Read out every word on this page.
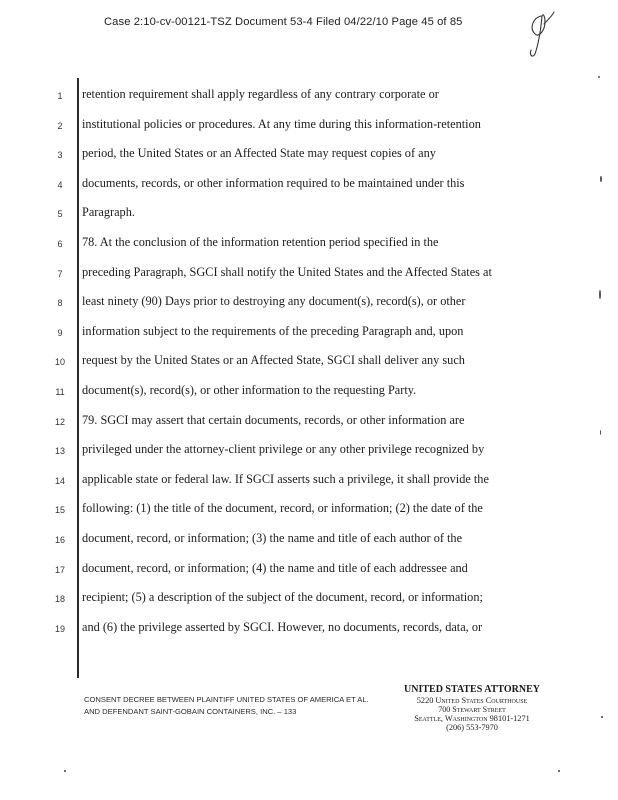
Case 2:10-cv-00121-TSZ Document 53-4 Filed 04/22/10 Page 45 of 85
1	retention requirement shall apply regardless of any contrary corporate or
2	institutional policies or procedures. At any time during this information-retention
3	period, the United States or an Affected State may request copies of any
4	documents, records, or other information required to be maintained under this
5	Paragraph.
6	78. At the conclusion of the information retention period specified in the
7	preceding Paragraph, SGCI shall notify the United States and the Affected States at
8	least ninety (90) Days prior to destroying any document(s), record(s), or other
9	information subject to the requirements of the preceding Paragraph and, upon
10	request by the United States or an Affected State, SGCI shall deliver any such
11	document(s), record(s), or other information to the requesting Party.
12	79. SGCI may assert that certain documents, records, or other information are
13	privileged under the attorney-client privilege or any other privilege recognized by
14	applicable state or federal law. If SGCI asserts such a privilege, it shall provide the
15	following: (1) the title of the document, record, or information; (2) the date of the
16	document, record, or information; (3) the name and title of each author of the
17	document, record, or information; (4) the name and title of each addressee and
18	recipient; (5) a description of the subject of the document, record, or information;
19	and (6) the privilege asserted by SGCI. However, no documents, records, data, or
CONSENT DECREE BETWEEN PLAINTIFF UNITED STATES OF AMERICA ET AL.
AND DEFENDANT SAINT-GOBAIN CONTAINERS, INC. – 133
UNITED STATES ATTORNEY
5220 United States Courthouse
700 Stewart Street
Seattle, Washington 98101-1271
(206) 553-7970
